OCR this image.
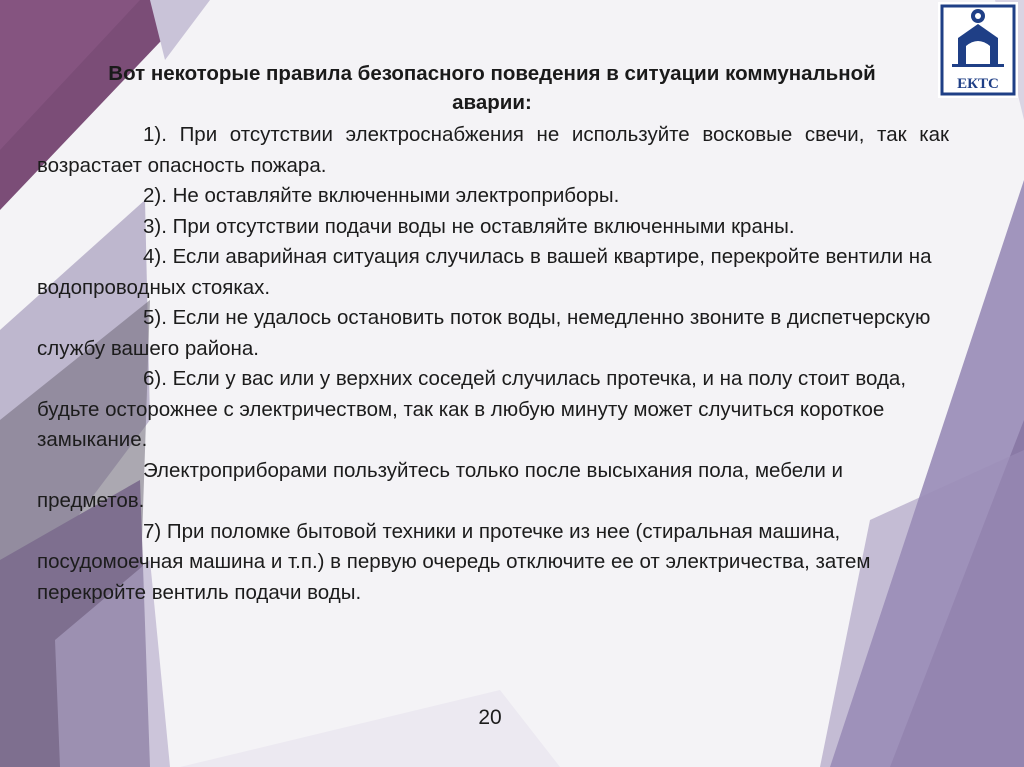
ЕКТС

Вот некоторые правила безопасного поведения в ситуации коммунальной аварии:

1). При отсутствии электроснабжения не используйте восковые свечи, так как возрастает опасность пожара.

2). Не оставляйте включенными электроприборы.

3). При отсутствии подачи воды не оставляйте включенными краны.

4). Если аварийная ситуация случилась в вашей квартире, перекройте вентили на водопроводных стояках.

5). Если не удалось остановить поток воды, немедленно звоните в диспетчерскую службу вашего района.

6). Если у вас или у верхних соседей случилась протечка, и на полу стоит вода, будьте осторожнее с электричеством, так как в любую минуту может случиться короткое замыкание.

Электроприборами пользуйтесь только после высыхания пола, мебели и предметов.

7) При поломке бытовой техники и протечке из нее (стиральная машина, посудомоечная машина и т.п.) в первую очередь отключите ее от электричества, затем перекройте вентиль подачи воды.

20
